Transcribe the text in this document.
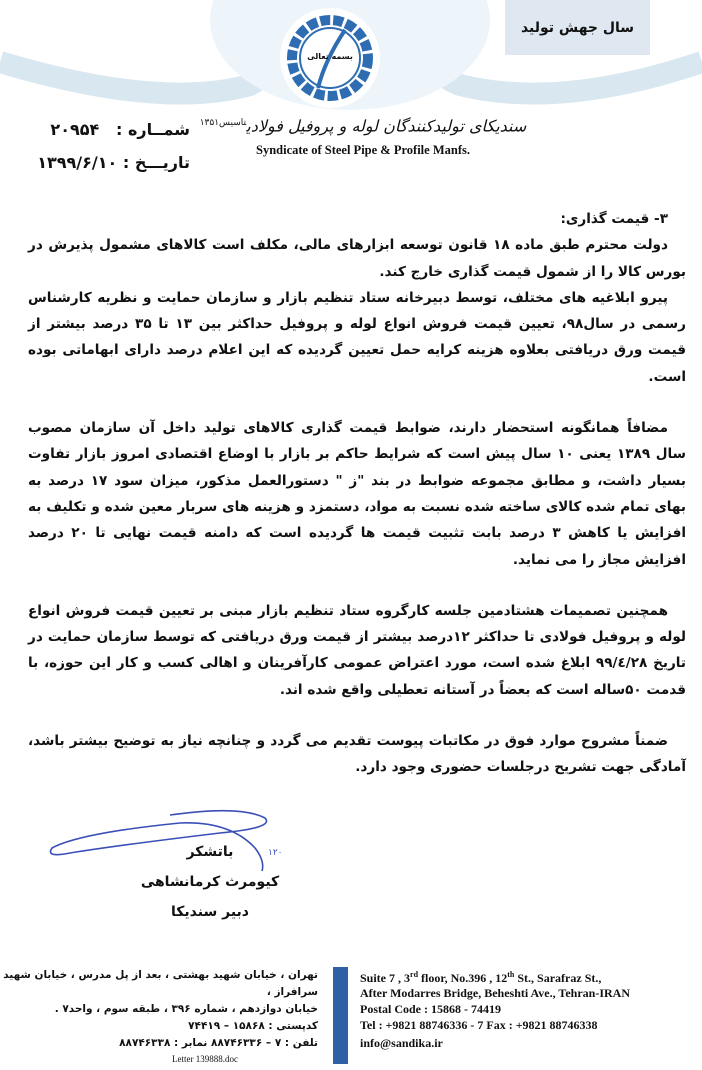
بسمه تعالی
سال جهش تولید
سندیکای تولیدکنندگان لوله و پروفیل فولادی$^{تاسیس۱۳۵۱}$
Syndicate of Steel Pipe & Profile Manfs.
شمــاره :   ۲۰۹۵۴
تاریـــخ : ۱۳۹۹/۶/۱۰

۳- قیمت گذاری:

دولت محترم طبق ماده ۱۸ قانون توسعه ابزارهای مالی، مکلف است کالاهای مشمول پذیرش در بورس کالا را از شمول قیمت گذاری خارج کند.

پیرو ابلاغیه های مختلف، توسط دبیرخانه ستاد تنظیم بازار و سازمان حمایت و نظریه کارشناس رسمی در سال۹۸، تعیین قیمت فروش انواع لوله و پروفیل حداکثر بین ۱۳ تا ۳۵ درصد بیشتر از قیمت ورق دریافتی بعلاوه هزینه کرایه حمل تعیین گردیده که این اعلام درصد دارای ابهاماتی بوده است.

مضافاً همانگونه استحضار دارند، ضوابط قیمت گذاری کالاهای تولید داخل آن سازمان مصوب سال ۱۳۸۹ یعنی ۱۰ سال پیش است که شرایط حاکم بر بازار با اوضاع اقتصادی امروز بازار تفاوت بسیار داشت، و مطابق مجموعه ضوابط در بند "ز " دستورالعمل مذکور، میزان سود ۱۷ درصد به بهای تمام شده کالای ساخته شده نسبت به مواد، دستمزد و هزینه های سربار معین شده و تکلیف به افزایش یا کاهش ۳ درصد بابت تثبیت قیمت ها گردیده است که دامنه قیمت نهایی تا ۲۰ درصد افزایش مجاز را می نماید.

همچنین تصمیمات هشتادمین جلسه کارگروه ستاد تنظیم بازار مبنی بر تعیین قیمت فروش انواع لوله و پروفیل فولادی تا حداکثر ۱۲درصد بیشتر از قیمت ورق دریافتی که توسط سازمان حمایت در تاریخ ۹۹/٤/۲۸ ابلاغ شده است، مورد اعتراض عمومی کارآفرینان و اهالی کسب و کار این حوزه، با قدمت ۵۰ساله است که بعضاً در آستانه تعطیلی واقع شده اند.

ضمناً مشروح موارد فوق در مکاتبات پیوست تقدیم می گردد و چنانچه نیاز به توضیح بیشتر باشد، آمادگی جهت تشریح درجلسات حضوری وجود دارد.

۱۲۰
باتشکر
کیومرث کرمانشاهی
دبیر سندیکا
تهران ، خیابان شهید بهشتی ، بعد از پل مدرس ، خیابان شهید سرافراز ،
خیابان دوازدهم ، شماره ۳۹۶ ، طبقه سوم ، واحد۷ .
کدپستی : ۱۵۸۶۸ – ۷۴۴۱۹
تلفن : ۷ – ۸۸۷۴۶۳۳۶ نمابر : ۸۸۷۴۶۳۳۸
Letter 139888.doc
Suite 7 , 3rd floor, No.396 , 12th St., Sarafraz St.,
After Modarres Bridge, Beheshti Ave., Tehran-IRAN
Postal Code : 15868 - 74419
Tel : +9821 88746336 - 7 Fax : +9821 88746338
info@sandika.ir
